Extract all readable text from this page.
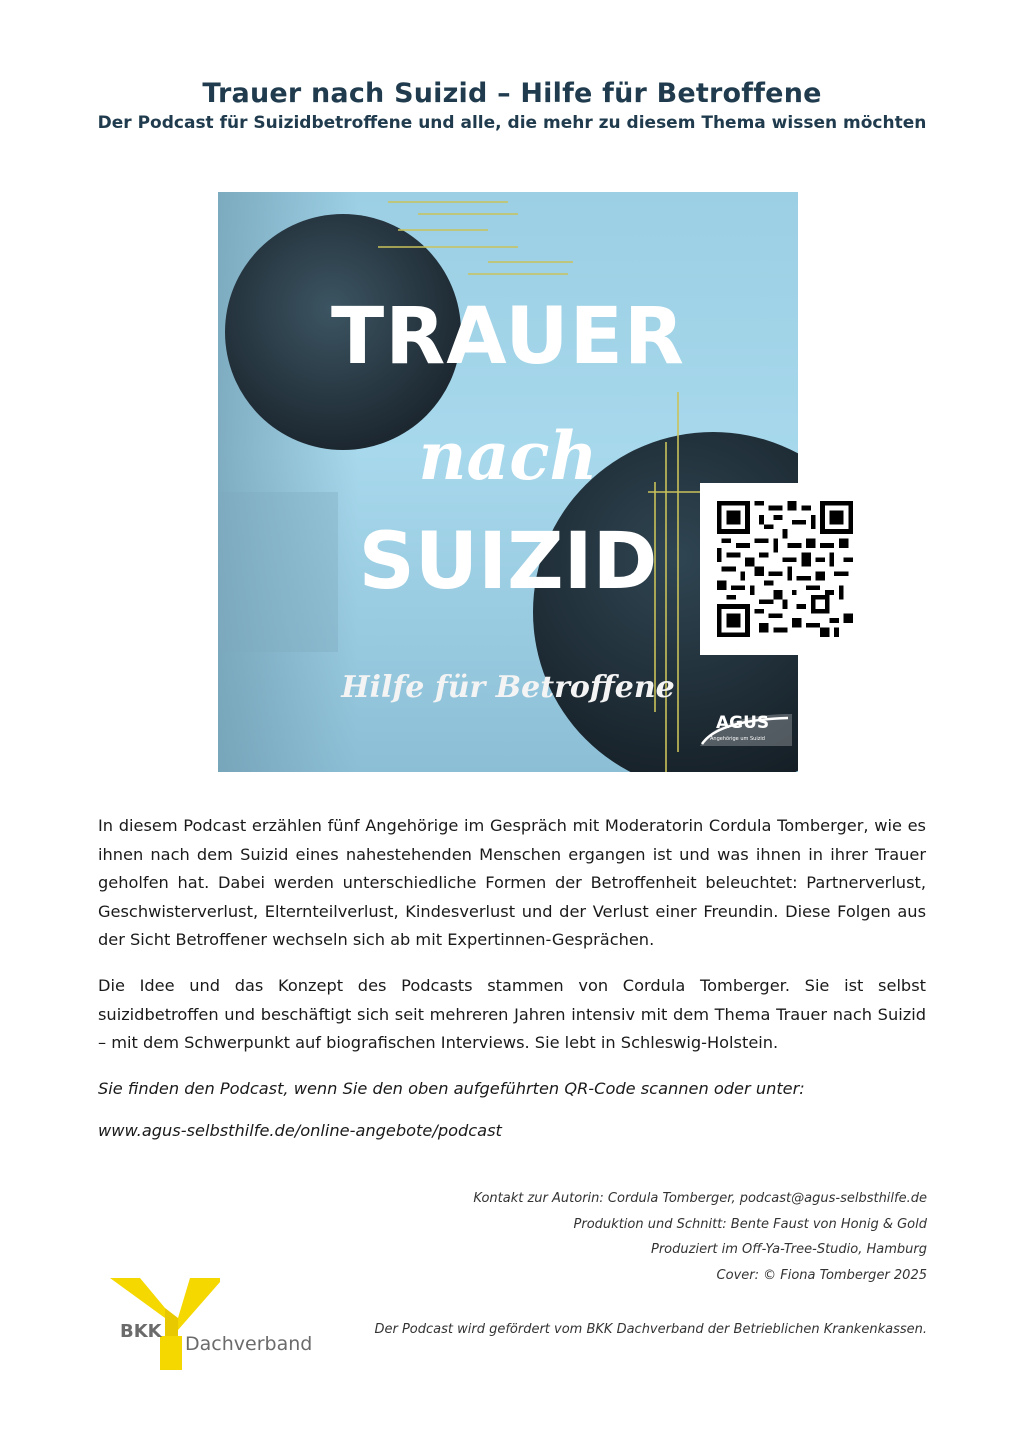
Trauer nach Suizid – Hilfe für Betroffene
Der Podcast für Suizidbetroffene und alle, die mehr zu diesem Thema wissen möchten
TRAUER
nach
SUIZID
Hilfe für Betroffene
AGUS
Angehörige um Suizid

In diesem Podcast erzählen fünf Angehörige im Gespräch mit Moderatorin Cordula Tomberger, wie es ihnen nach dem Suizid eines nahestehenden Menschen ergangen ist und was ihnen in ihrer Trauer geholfen hat. Dabei werden unterschiedliche Formen der Betroffenheit beleuchtet: Partnerverlust, Geschwisterverlust, Elternteilverlust, Kindesverlust und der Verlust einer Freundin. Diese Folgen aus der Sicht Betroffener wechseln sich ab mit Expertinnen-Gesprächen.

Die Idee und das Konzept des Podcasts stammen von Cordula Tomberger. Sie ist selbst suizidbetroffen und beschäftigt sich seit mehreren Jahren intensiv mit dem Thema Trauer nach Suizid – mit dem Schwerpunkt auf biografischen Interviews. Sie lebt in Schleswig-Holstein.

Sie finden den Podcast, wenn Sie den oben aufgeführten QR-Code scannen oder unter:

www.agus-selbsthilfe.de/online-angebote/podcast

Kontakt zur Autorin: Cordula Tomberger, podcast@agus-selbsthilfe.de
Produktion und Schnitt: Bente Faust von Honig & Gold
Produziert im Off-Ya-Tree-Studio, Hamburg
Cover: © Fiona Tomberger 2025
Der Podcast wird gefördert vom BKK Dachverband der Betrieblichen Krankenkassen.
BKK
Dachverband
